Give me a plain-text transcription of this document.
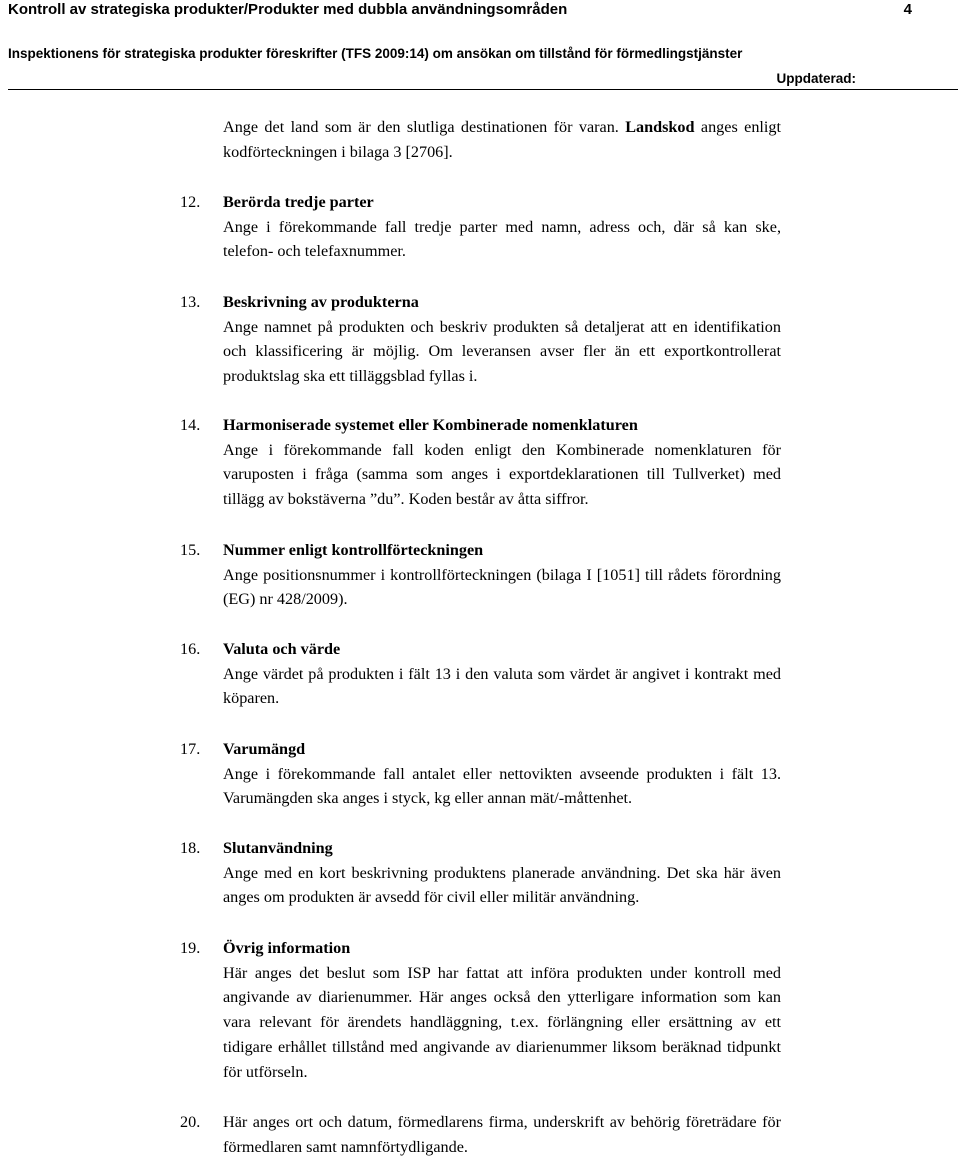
Kontroll av strategiska produkter/Produkter med dubbla användningsområden	4
Inspektionens för strategiska produkter föreskrifter (TFS 2009:14) om ansökan om tillstånd för förmedlingstjänster
Uppdaterad:
Ange det land som är den slutliga destinationen för varan. Landskod anges enligt kodförteckningen i bilaga 3 [2706].
12. Berörda tredje parter
Ange i förekommande fall tredje parter med namn, adress och, där så kan ske, telefon- och telefaxnummer.
13. Beskrivning av produkterna
Ange namnet på produkten och beskriv produkten så detaljerat att en identifikation och klassificering är möjlig. Om leveransen avser fler än ett exportkontrollerat produktslag ska ett tilläggsblad fyllas i.
14. Harmoniserade systemet eller Kombinerade nomenklaturen
Ange i förekommande fall koden enligt den Kombinerade nomenklaturen för varuposten i fråga (samma som anges i exportdeklarationen till Tullverket) med tillägg av bokstäverna ”du”. Koden består av åtta siffror.
15. Nummer enligt kontrollförteckningen
Ange positionsnummer i kontrollförteckningen (bilaga I [1051] till rådets förordning (EG) nr 428/2009).
16. Valuta och värde
Ange värdet på produkten i fält 13 i den valuta som värdet är angivet i kontrakt med köparen.
17. Varumängd
Ange i förekommande fall antalet eller nettovikten avseende produkten i fält 13. Varumängden ska anges i styck, kg eller annan mät/-måttenhet.
18. Slutanvändning
Ange med en kort beskrivning produktens planerade användning. Det ska här även anges om produkten är avsedd för civil eller militär användning.
19. Övrig information
Här anges det beslut som ISP har fattat att införa produkten under kontroll med angivande av diarienummer. Här anges också den ytterligare information som kan vara relevant för ärendets handläggning, t.ex. förlängning eller ersättning av ett tidigare erhållet tillstånd med angivande av diarienummer liksom beräknad tidpunkt för utförseln.
20. Här anges ort och datum, förmedlarens firma, underskrift av behörig företrädare för förmedlaren samt namnförtydligande.
